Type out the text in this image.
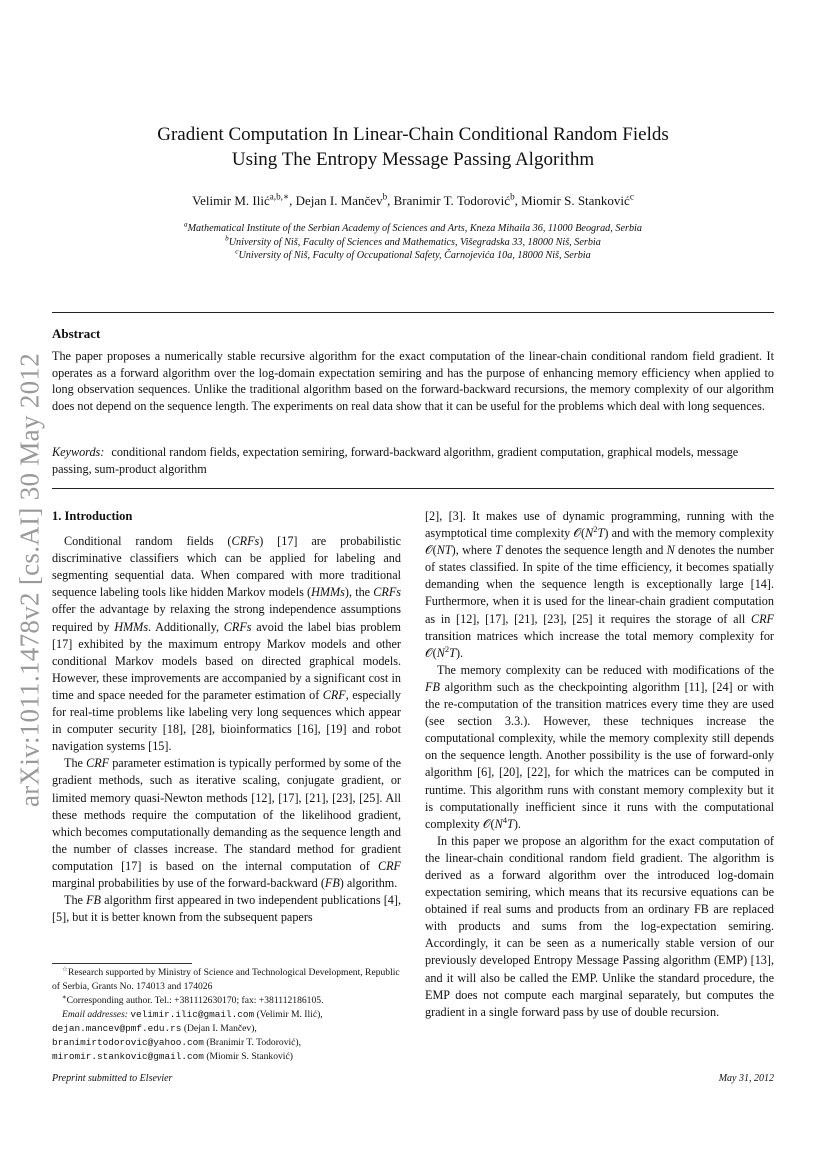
arXiv:1011.1478v2 [cs.AI] 30 May 2012
Gradient Computation In Linear-Chain Conditional Random Fields
Using The Entropy Message Passing Algorithm
Velimir M. Ilić$^{a,b,∗}$, Dejan I. Mančev$^b$, Branimir T. Todorović$^b$, Miomir S. Stanković$^c$
$^a$Mathematical Institute of the Serbian Academy of Sciences and Arts, Kneza Mihaila 36, 11000 Beograd, Serbia
$^b$University of Niš, Faculty of Sciences and Mathematics, Višegradska 33, 18000 Niš, Serbia
$^c$University of Niš, Faculty of Occupational Safety, Čarnojevića 10a, 18000 Niš, Serbia
Abstract
The paper proposes a numerically stable recursive algorithm for the exact computation of the linear-chain conditional random field gradient. It operates as a forward algorithm over the log-domain expectation semiring and has the purpose of enhancing memory efficiency when applied to long observation sequences. Unlike the traditional algorithm based on the forward-backward recursions, the memory complexity of our algorithm does not depend on the sequence length. The experiments on real data show that it can be useful for the problems which deal with long sequences.
Keywords: conditional random fields, expectation semiring, forward-backward algorithm, gradient computation, graphical models, message passing, sum-product algorithm
1. Introduction

Conditional random fields (CRFs) [17] are probabilistic discriminative classifiers which can be applied for labeling and segmenting sequential data. When compared with more traditional sequence labeling tools like hidden Markov models (HMMs), the CRFs offer the advantage by relaxing the strong independence assumptions required by HMMs. Additionally, CRFs avoid the label bias problem [17] exhibited by the maximum entropy Markov models and other conditional Markov models based on directed graphical models. However, these improvements are accompanied by a significant cost in time and space needed for the parameter estimation of CRF, especially for real-time problems like labeling very long sequences which appear in computer security [18], [28], bioinformatics [16], [19] and robot navigation systems [15].

The CRF parameter estimation is typically performed by some of the gradient methods, such as iterative scaling, conjugate gradient, or limited memory quasi-Newton methods [12], [17], [21], [23], [25]. All these methods require the computation of the likelihood gradient, which becomes computationally demanding as the sequence length and the number of classes increase. The standard method for gradient computation [17] is based on the internal computation of CRF marginal probabilities by use of the forward-backward (FB) algorithm.

The FB algorithm first appeared in two independent publications [4], [5], but it is better known from the subsequent papers

[2], [3]. It makes use of dynamic programming, running with the asymptotical time complexity $𝒪(N^2T)$ and with the memory complexity 𝒪(NT), where T denotes the sequence length and N denotes the number of states classified. In spite of the time efficiency, it becomes spatially demanding when the sequence length is exceptionally large [14]. Furthermore, when it is used for the linear-chain gradient computation as in [12], [17], [21], [23], [25] it requires the storage of all CRF transition matrices which increase the total memory complexity for $𝒪(N^2T)$.

The memory complexity can be reduced with modifications of the FB algorithm such as the checkpointing algorithm [11], [24] or with the re-computation of the transition matrices every time they are used (see section 3.3.). However, these techniques increase the computational complexity, while the memory complexity still depends on the sequence length. Another possibility is the use of forward-only algorithm [6], [20], [22], for which the matrices can be computed in runtime. This algorithm runs with constant memory complexity but it is computationally inefficient since it runs with the computational complexity $𝒪(N^4T)$.

In this paper we propose an algorithm for the exact computation of the linear-chain conditional random field gradient. The algorithm is derived as a forward algorithm over the introduced log-domain expectation semiring, which means that its recursive equations can be obtained if real sums and products from an ordinary FB are replaced with products and sums from the log-expectation semiring. Accordingly, it can be seen as a numerically stable version of our previously developed Entropy Message Passing algorithm (EMP) [13], and it will also be called the EMP. Unlike the standard procedure, the EMP does not compute each marginal separately, but computes the gradient in a single forward pass by use of double recursion.

☆Research supported by Ministry of Science and Technological Development, Republic of Serbia, Grants No. 174013 and 174026

∗Corresponding author. Tel.: +381112630170; fax: +381112186105.

Email addresses: velimir.ilic@gmail.com (Velimir M. Ilić),

dejan.mancev@pmf.edu.rs (Dejan I. Mančev),
branimirtodorovic@yahoo.com (Branimir T. Todorović),
miromir.stankovic@gmail.com (Miomir S. Stanković)
Preprint submitted to Elsevier	May 31, 2012
